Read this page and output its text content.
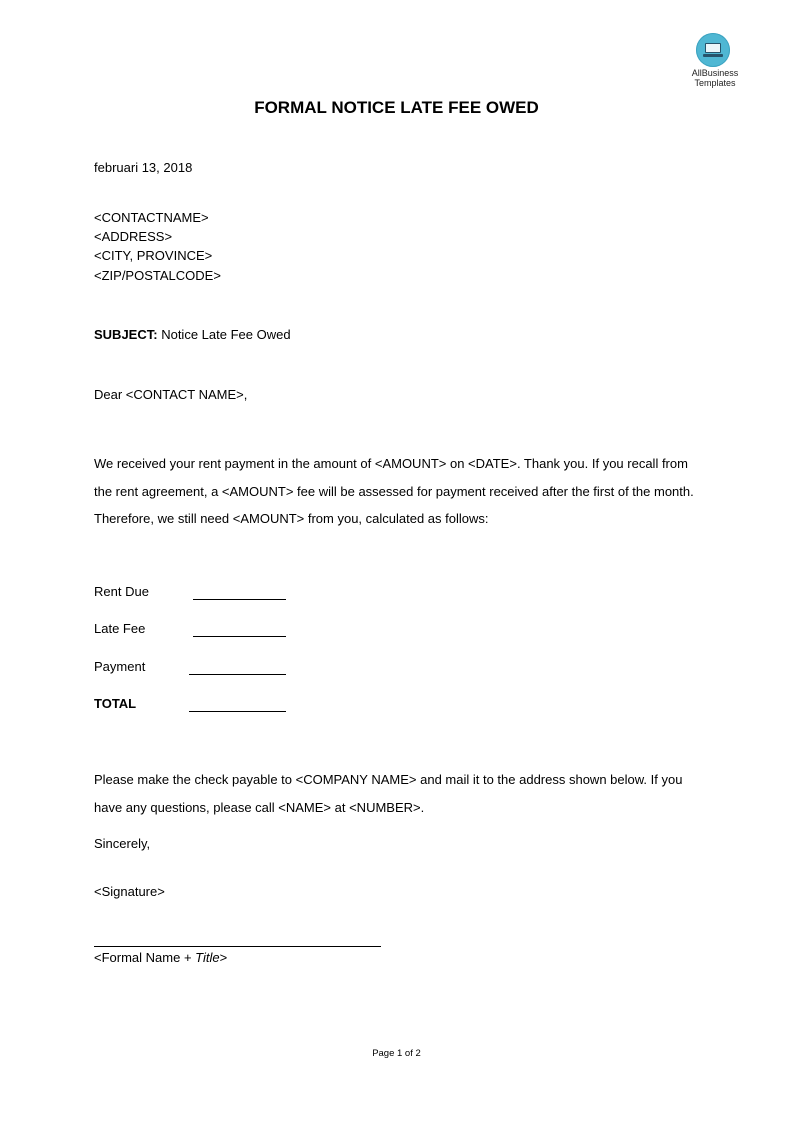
AllBusiness
Templates
FORMAL NOTICE LATE FEE OWED
februari 13, 2018
<CONTACTNAME>
<ADDRESS>
<CITY, PROVINCE>
<ZIP/POSTALCODE>
SUBJECT: Notice Late Fee Owed
Dear <CONTACT NAME>,
We received your rent payment in the amount of <AMOUNT> on <DATE>. Thank you. If you recall from the rent agreement, a <AMOUNT> fee will be assessed for payment received after the first of the month. Therefore, we still need <AMOUNT> from you, calculated as follows:
Rent Due
Late Fee
Payment
TOTAL
Please make the check payable to <COMPANY NAME> and mail it to the address shown below. If you have any questions, please call <NAME> at <NUMBER>.
Sincerely,
<Signature>
<Formal Name + Title>
Page 1 of 2
